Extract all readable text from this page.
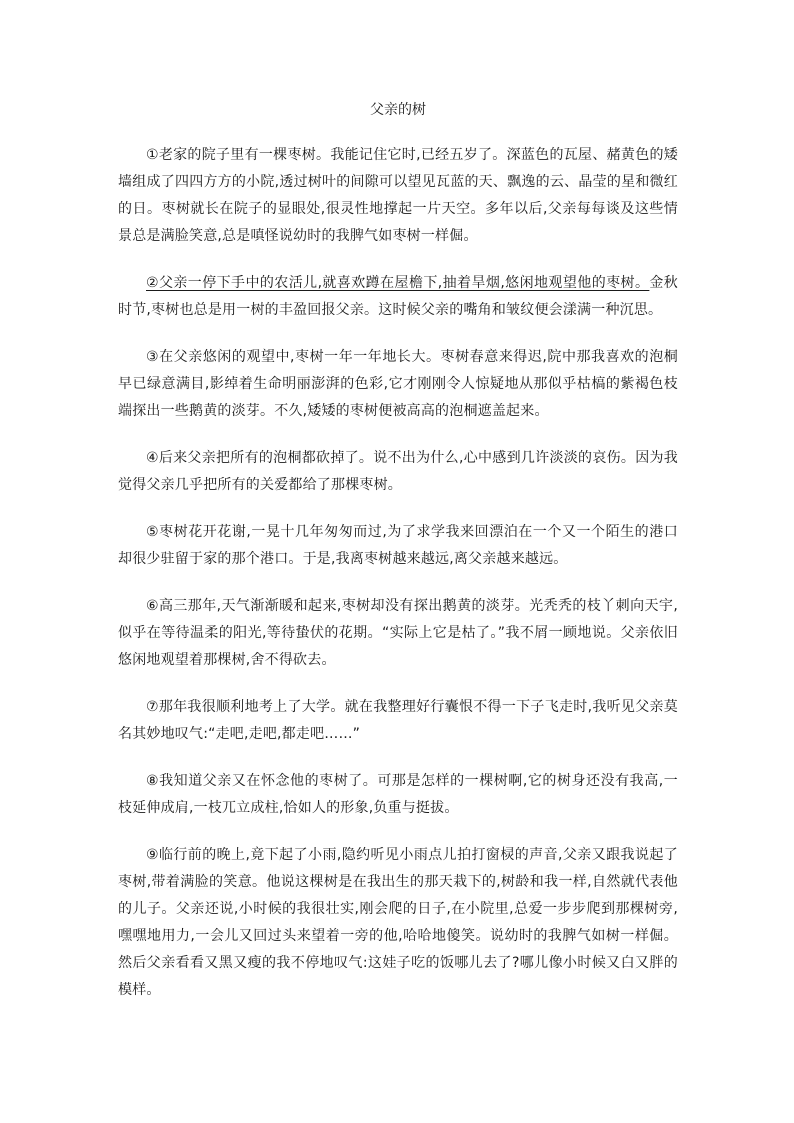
父亲的树

①老家的院子里有一棵枣树。我能记住它时,已经五岁了。深蓝色的瓦屋、赭黄色的矮墙组成了四四方方的小院,透过树叶的间隙可以望见瓦蓝的天、飘逸的云、晶莹的星和微红的日。枣树就长在院子的显眼处,很灵性地撑起一片天空。多年以后,父亲每每谈及这些情景总是满脸笑意,总是嗔怪说幼时的我脾气如枣树一样倔。

②父亲一停下手中的农活儿,就喜欢蹲在屋檐下,抽着旱烟,悠闲地观望他的枣树。金秋时节,枣树也总是用一树的丰盈回报父亲。这时候父亲的嘴角和皱纹便会漾满一种沉思。

③在父亲悠闲的观望中,枣树一年一年地长大。枣树春意来得迟,院中那我喜欢的泡桐早已绿意满目,影绰着生命明丽澎湃的色彩,它才刚刚令人惊疑地从那似乎枯槁的紫褐色枝端探出一些鹅黄的淡芽。不久,矮矮的枣树便被高高的泡桐遮盖起来。

④后来父亲把所有的泡桐都砍掉了。说不出为什么,心中感到几许淡淡的哀伤。因为我觉得父亲几乎把所有的关爱都给了那棵枣树。

⑤枣树花开花谢,一晃十几年匆匆而过,为了求学我来回漂泊在一个又一个陌生的港口却很少驻留于家的那个港口。于是,我离枣树越来越远,离父亲越来越远。

⑥高三那年,天气渐渐暖和起来,枣树却没有探出鹅黄的淡芽。光秃秃的枝丫刺向天宇,似乎在等待温柔的阳光,等待蛰伏的花期。“实际上它是枯了。”我不屑一顾地说。父亲依旧悠闲地观望着那棵树,舍不得砍去。

⑦那年我很顺利地考上了大学。就在我整理好行囊恨不得一下子飞走时,我听见父亲莫名其妙地叹气:“走吧,走吧,都走吧……”

⑧我知道父亲又在怀念他的枣树了。可那是怎样的一棵树啊,它的树身还没有我高,一枝延伸成肩,一枝兀立成柱,恰如人的形象,负重与挺拔。

⑨临行前的晚上,竟下起了小雨,隐约听见小雨点儿拍打窗棂的声音,父亲又跟我说起了枣树,带着满脸的笑意。他说这棵树是在我出生的那天栽下的,树龄和我一样,自然就代表他的儿子。父亲还说,小时候的我很壮实,刚会爬的日子,在小院里,总爱一步步爬到那棵树旁,嘿嘿地用力,一会儿又回过头来望着一旁的他,哈哈地傻笑。说幼时的我脾气如树一样倔。然后父亲看看又黑又瘦的我不停地叹气:这娃子吃的饭哪儿去了?哪儿像小时候又白又胖的模样。
